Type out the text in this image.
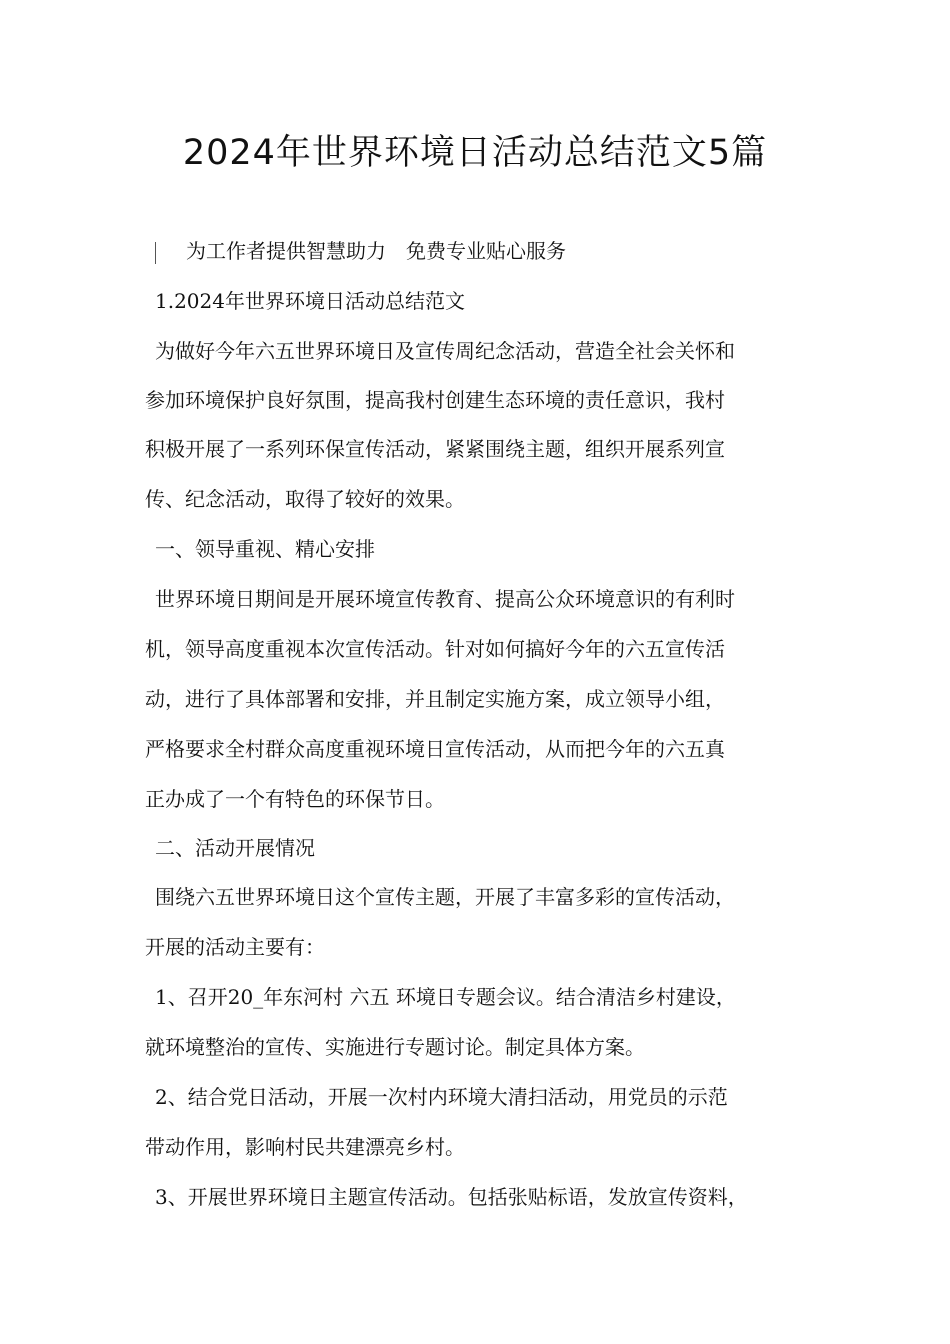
2024年世界环境日活动总结范文5篇
为工作者提供智慧助力　免费专业贴心服务
1.2024年世界环境日活动总结范文
为做好今年六五世界环境日及宣传周纪念活动，营造全社会关怀和
参加环境保护良好氛围，提高我村创建生态环境的责任意识，我村
积极开展了一系列环保宣传活动，紧紧围绕主题，组织开展系列宣
传、纪念活动，取得了较好的效果。
一、领导重视、精心安排
世界环境日期间是开展环境宣传教育、提高公众环境意识的有利时
机，领导高度重视本次宣传活动。针对如何搞好今年的六五宣传活
动，进行了具体部署和安排，并且制定实施方案，成立领导小组，
严格要求全村群众高度重视环境日宣传活动，从而把今年的六五真
正办成了一个有特色的环保节日。
二、活动开展情况
围绕六五世界环境日这个宣传主题，开展了丰富多彩的宣传活动，
开展的活动主要有：
1、召开20_年东河村 六五 环境日专题会议。结合清洁乡村建设，
就环境整治的宣传、实施进行专题讨论。制定具体方案。
2、结合党日活动，开展一次村内环境大清扫活动，用党员的示范
带动作用，影响村民共建漂亮乡村。
3、开展世界环境日主题宣传活动。包括张贴标语，发放宣传资料，
